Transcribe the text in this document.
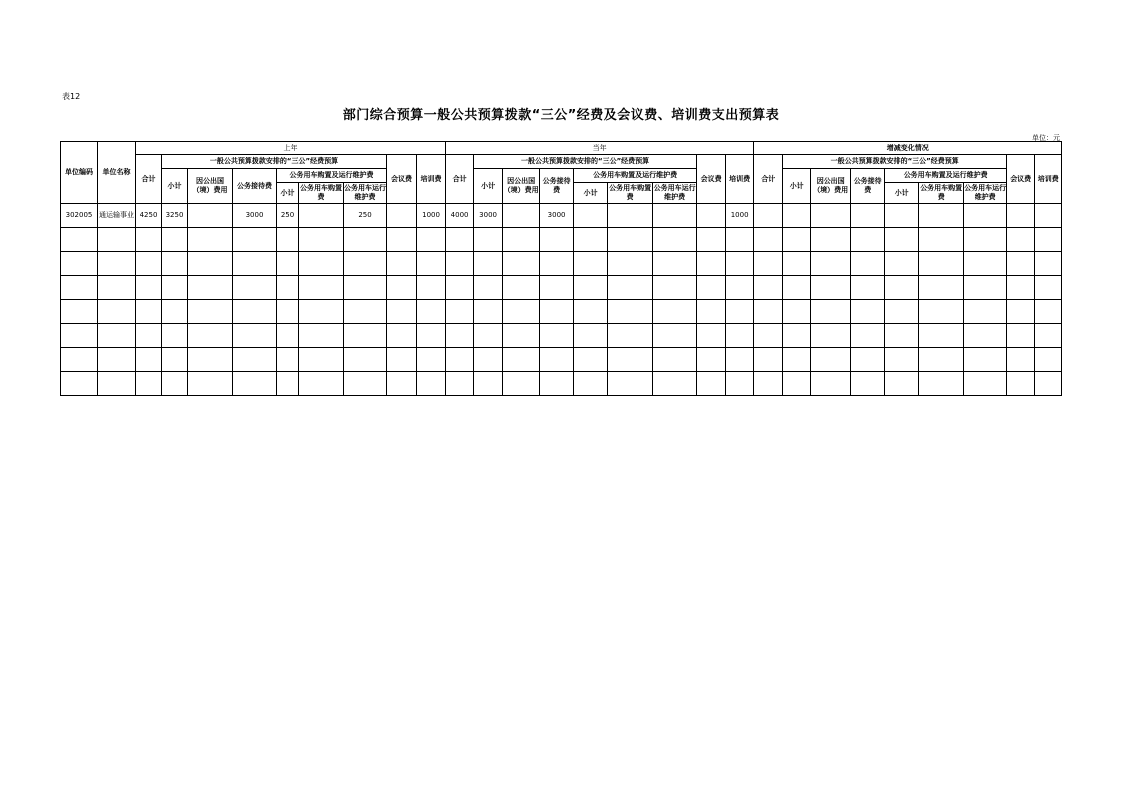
表12
部门综合预算一般公共预算拨款“三公”经费及会议费、培训费支出预算表
单位：元
单位编码	单位名称	上年									当年									增减变化情况								
		合计	一般公共预算拨款安排的“三公”经费预算						会议费	培训费	合计	一般公共预算拨款安排的“三公”经费预算						会议费	培训费	合计	一般公共预算拨款安排的“三公”经费预算						会议费	培训费
			小计	因公出国（境）费用	公务接待费	公务用车购置及运行维护费						小计	因公出国（境）费用	公务接待费	公务用车购置及运行维护费						小计	因公出国（境）费用	公务接待费	公务用车购置及运行维护费				
						小计	公务用车购置费	公务用车运行维护费							小计	公务用车购置费	公务用车运行维护费							小计	公务用车购置费	公务用车运行维护费		
302005	通运输事业	4250	3250		3000	250		250		1000	4000	3000		3000					1000									
